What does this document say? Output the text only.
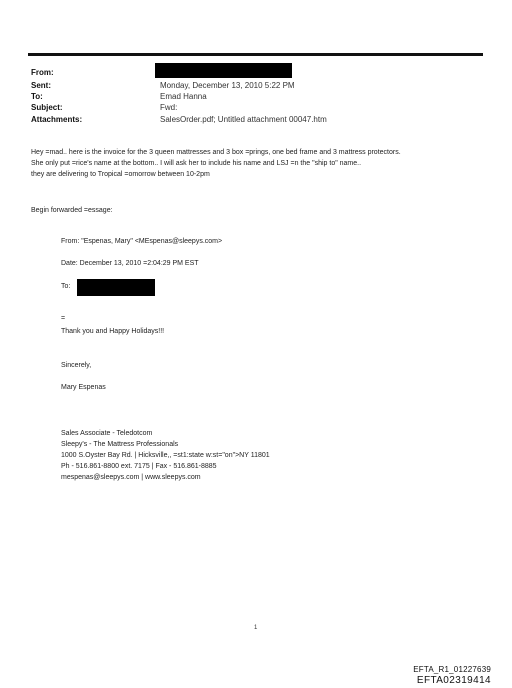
From:
Sent:
To:
Subject:
Attachments:
Monday, December 13, 2010 5:22 PM
Emad Hanna
Fwd:
SalesOrder.pdf; Untitled attachment 00047.htm
Hey =mad.. here is the invoice for the 3 queen mattresses and 3 box =prings, one bed frame and 3 mattress protectors.
She only put =rice's name at the bottom.. I will ask her to include his name and LSJ =n the "ship to" name..
they are delivering to Tropical =omorrow between 10-2pm
Begin forwarded =essage:
From: "Espenas, Mary" <MEspenas@sleepys.com>
Date: December 13, 2010 =2:04:29 PM EST
To:
=
Thank you and Happy Holidays!!!
Sincerely,
Mary Espenas
Sales Associate - Teledotcom
Sleepy's - The Mattress Professionals
1000 S.Oyster Bay Rd. | Hicksville,, =st1:state w:st="on">NY 11801
Ph - 516.861-8800 ext. 7175 | Fax - 516.861-8885
mespenas@sleepys.com | www.sleepys.com
1
EFTA_R1_01227639
EFTA02319414
